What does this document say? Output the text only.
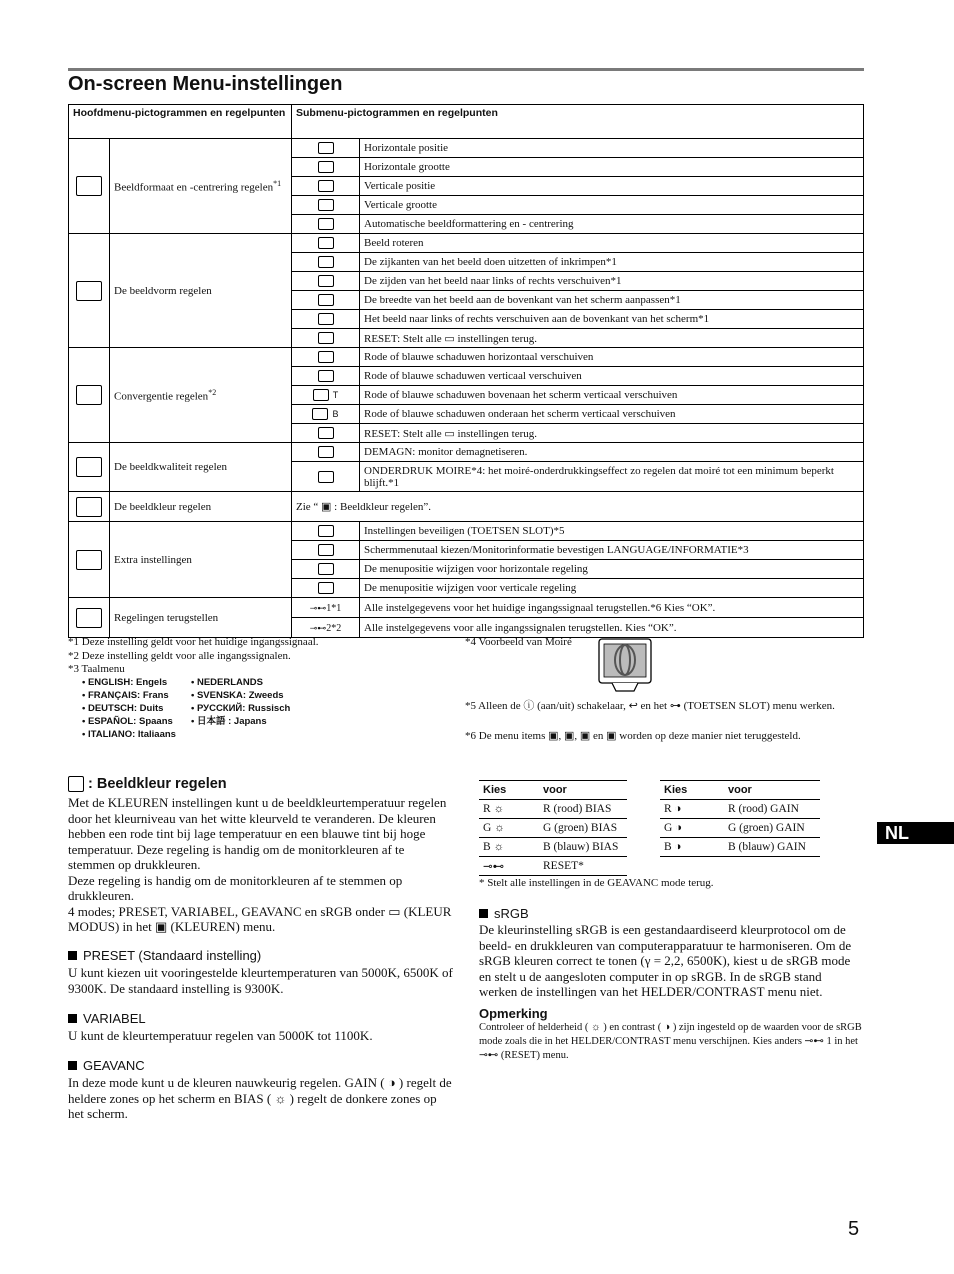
On-screen Menu-instellingen
Hoofdmenu-pictogrammen en regelpunten		Submenu-pictogrammen en regelpunten	
	Beeldformaat en -centrering regelen$^{*1}$		Horizontale positie
			Horizontale grootte
			Verticale positie
			Verticale grootte
			Automatische beeldformattering en - centrering
	De beeldvorm regelen		Beeld roteren
			De zijkanten van het beeld doen uitzetten of inkrimpen*1
			De zijden van het beeld naar links of rechts verschuiven*1
			De breedte van het beeld aan de bovenkant van het scherm aanpassen*1
			Het beeld naar links of rechts verschuiven aan de bovenkant van het scherm*1
			RESET: Stelt alle ▭ instellingen terug.
	Convergentie regelen$^{*2}$		Rode of blauwe schaduwen horizontaal verschuiven
			Rode of blauwe schaduwen verticaal verschuiven
		T	Rode of blauwe schaduwen bovenaan het scherm verticaal verschuiven
		B	Rode of blauwe schaduwen onderaan het scherm verticaal verschuiven
			RESET: Stelt alle ▭ instellingen terug.
	De beeldkwaliteit regelen		DEMAGN: monitor demagnetiseren.
			ONDERDRUK MOIRE*4: het moiré-onderdrukkingseffect zo regelen dat moiré tot een minimum beperkt blijft.*1
	De beeldkleur regelen	Zie “ ▣ : Beeldkleur regelen”.	
	Extra instellingen		Instellingen beveiligen (TOETSEN SLOT)*5
			Schermmenutaal kiezen/Monitorinformatie bevestigen LANGUAGE/INFORMATIE*3
			De menupositie wijzigen voor horizontale regeling
			De menupositie wijzigen voor verticale regeling
	Regelingen terugstellen	⊸⊷1*1	Alle instelgegevens voor het huidige ingangssignaal terugstellen.*6 Kies “OK”.
		⊸⊷2*2	Alle instelgegevens voor alle ingangssignalen terugstellen. Kies “OK”.
*1 Deze instelling geldt voor het huidige ingangssignaal.
*2 Deze instelling geldt voor alle ingangssignalen.
*3 Taalmenu
• ENGLISH: Engels
• FRANÇAIS: Frans
• DEUTSCH: Duits
• ESPAÑOL: Spaans
• ITALIANO: Italiaans
• NEDERLANDS
• SVENSKA: Zweeds
• РУССКИЙ: Russisch
• 日本語 : Japans
*4 Voorbeeld van Moiré
*5 Alleen de ⓘ (aan/uit) schakelaar, ↩ en het ⊶ (TOETSEN SLOT) menu werken.
*6 De menu items ▣, ▣, ▣ en ▣ worden op deze manier niet teruggesteld.
NL
: Beeldkleur regelen
Met de KLEUREN instellingen kunt u de beeldkleurtemperatuur regelen door het kleurniveau van het witte kleurveld te veranderen. De kleuren hebben een rode tint bij lage temperatuur en een blauwe tint bij hoge temperatuur. Deze regeling is handig om de monitorkleuren af te stemmen op drukkleuren.
Deze regeling is handig om de monitorkleuren af te stemmen op drukkleuren.
4 modes; PRESET, VARIABEL, GEAVANC en sRGB onder ▭ (KLEUR MODUS) in het ▣ (KLEUREN) menu.
PRESET (Standaard instelling)
U kunt kiezen uit vooringestelde kleurtemperaturen van 5000K, 6500K of 9300K. De standaard instelling is 9300K.
VARIABEL
U kunt de kleurtemperatuur regelen van 5000K tot 1100K.
GEAVANC
In deze mode kunt u de kleuren nauwkeurig regelen. GAIN ( ◑ ) regelt de heldere zones op het scherm en BIAS ( ☼ ) regelt de donkere zones op het scherm.
Kies	voor
R ☼	R (rood) BIAS
G ☼	G (groen) BIAS
B ☼	B (blauw) BIAS
⊸⊷	RESET*
Kies	voor
R ◑	R (rood) GAIN
G ◑	G (groen) GAIN
B ◑	B (blauw) GAIN
* Stelt alle instellingen in de GEAVANC mode terug.
sRGB
De kleurinstelling sRGB is een gestandaardiseerd kleurprotocol om de beeld- en drukkleuren van computerapparatuur te harmoniseren. Om de sRGB kleuren correct te tonen (γ = 2,2, 6500K), kiest u de sRGB mode en stelt u de aangesloten computer in op sRGB. In de sRGB stand werken de instellingen van het HELDER/CONTRAST menu niet.
Opmerking
Controleer of helderheid ( ☼ ) en contrast ( ◑ ) zijn ingesteld op de waarden voor de sRGB mode zoals die in het HELDER/CONTRAST menu verschijnen. Kies anders ⊸⊷ 1 in het ⊸⊷ (RESET) menu.
5
